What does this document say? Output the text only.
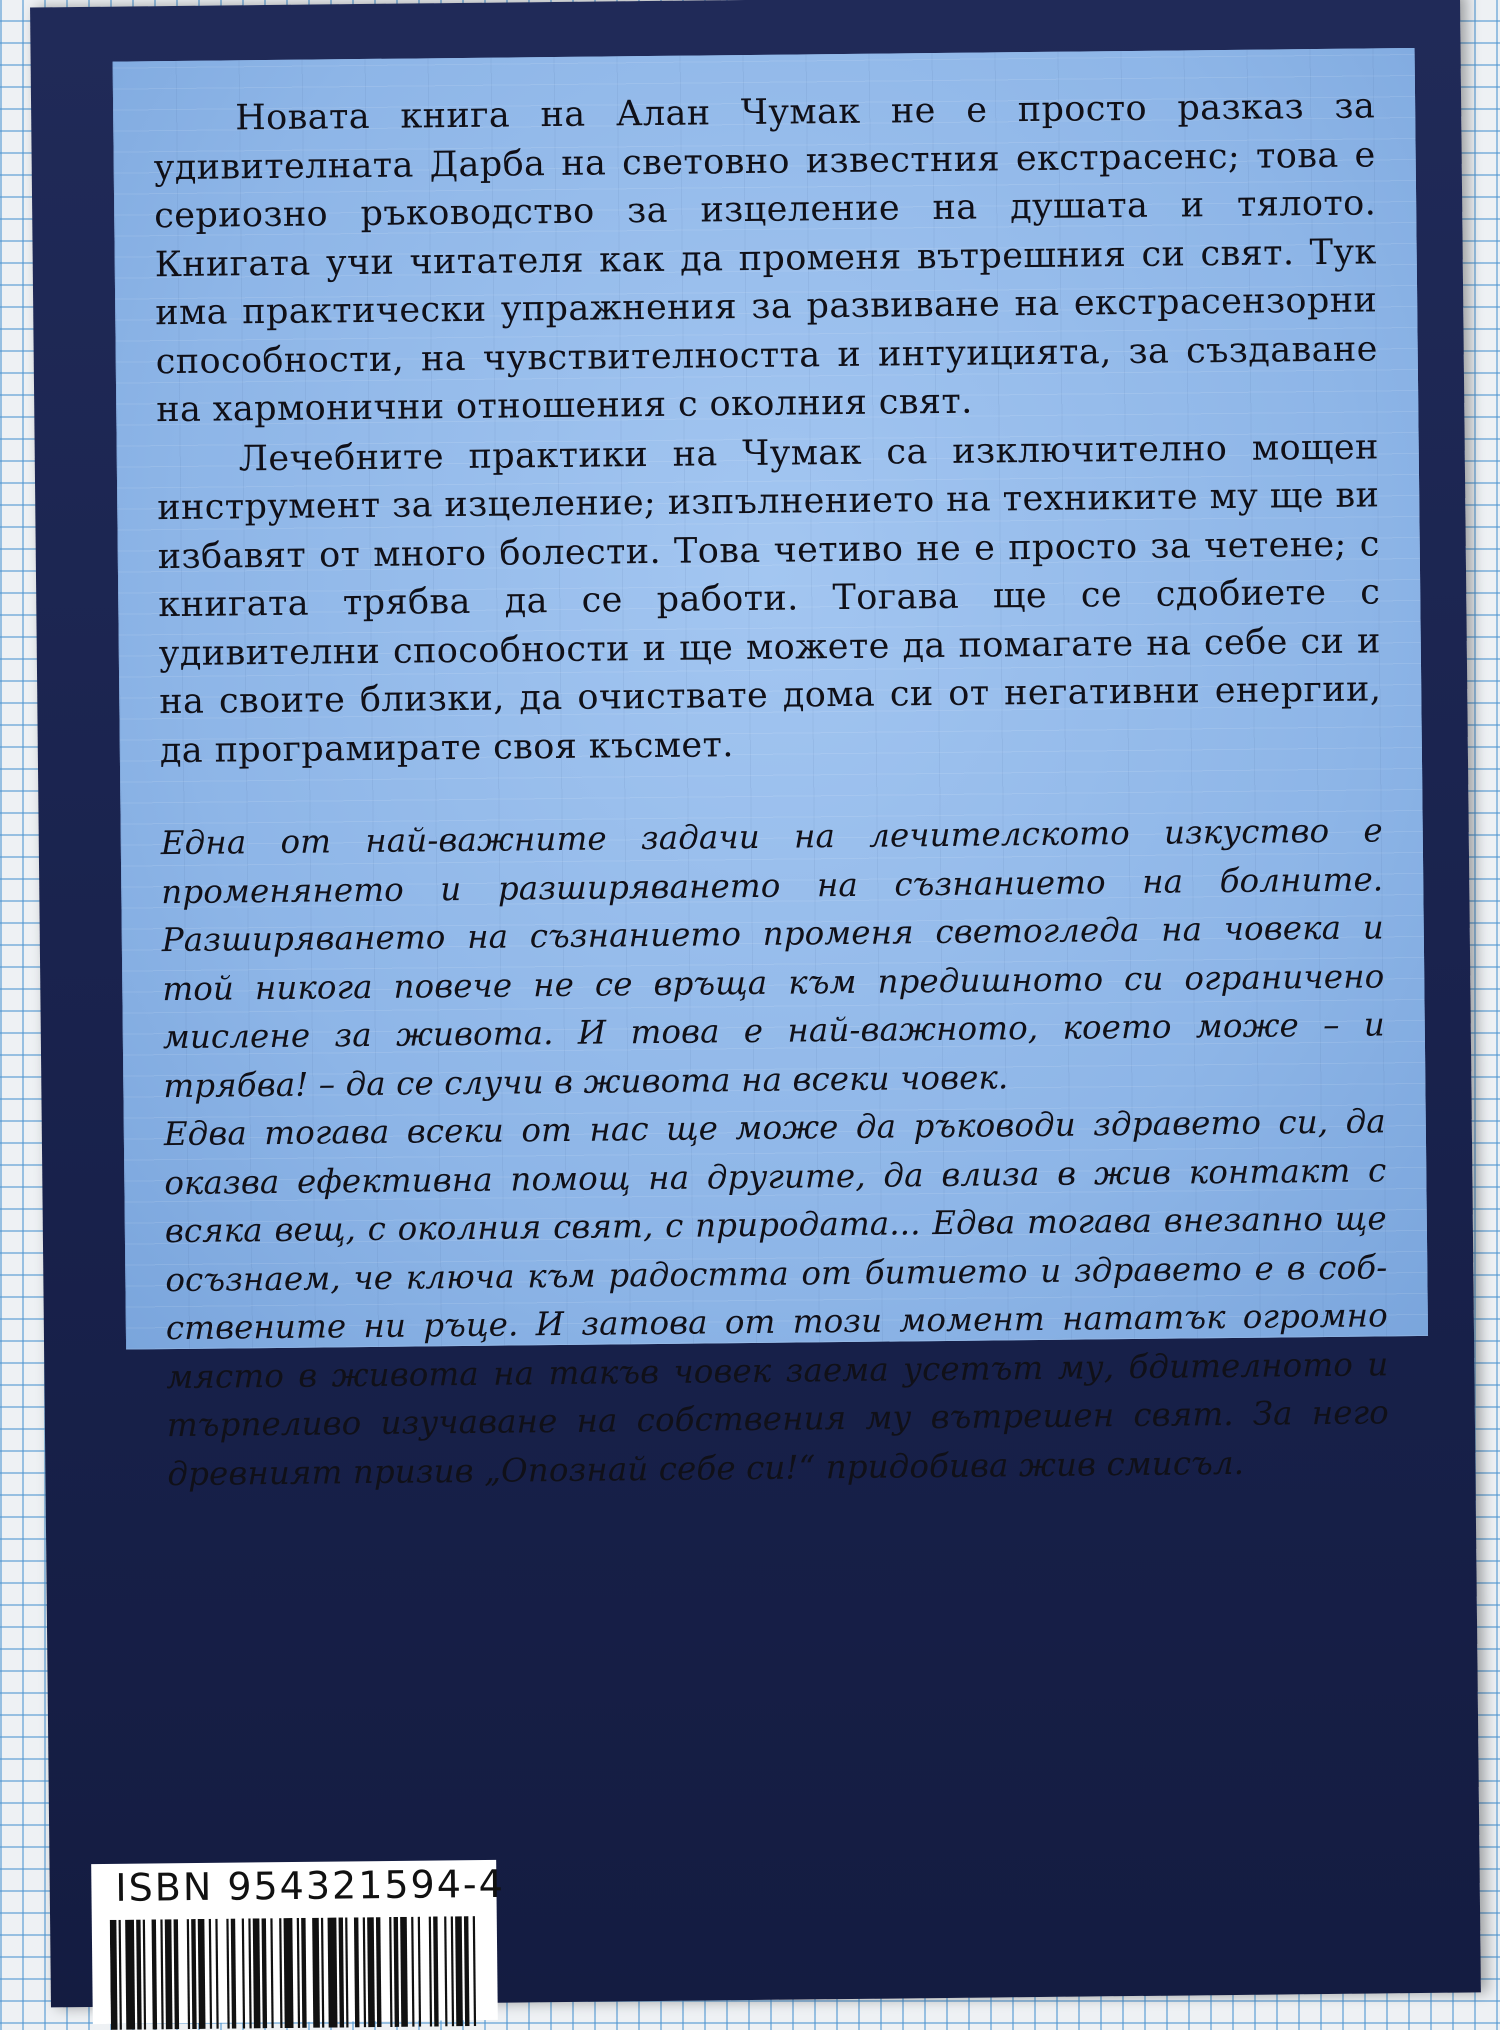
Новата книга на Алан Чумак не е просто разказ за удивителната Дарба на световно известния екстрасенс; това е сериозно ръководство за изцеление на душата и тялото. Книгата учи читателя как да променя вътрешния си свят. Тук има практически упражнения за развиване на екстрасензорни способности, на чувствителността и интуицията, за създаване на хармонични отношения с околния свят.

Лечебните практики на Чумак са изключително мощен инструмент за изцеление; изпълнението на техниките му ще ви избавят от много болести. Това четиво не е просто за четене; с книгата трябва да се работи. Тогава ще се сдобиете с удивителни способности и ще можете да помагате на себе си и на своите близки, да очиствате дома си от негативни енергии, да програмирате своя късмет.

Една от най-важните задачи на лечителското изкуство е променянето и разширяването на съзнанието на болните. Разширяването на съзнанието променя светогледа на човека и той никога повече не се връща към предишното си ограничено мислене за живота. И това е най-важното, което може – и трябва! – да се случи в живота на всеки човек.

Едва тогава всеки от нас ще може да ръководи здравето си, да оказва ефективна помощ на другите, да влиза в жив контакт с всяка вещ, с околния свят, с природата... Едва тогава внезапно ще осъзнаем, че ключа към радостта от битието и здравето е в соб-ствените ни ръце. И затова от този момент нататък огромно място в живота на такъв човек заема усетът му, бдителното и търпеливо изучаване на собствения му вътрешен свят. За него древният призив „Опознай себе си!“ придобива жив смисъл.

ISBN 954321594-4
